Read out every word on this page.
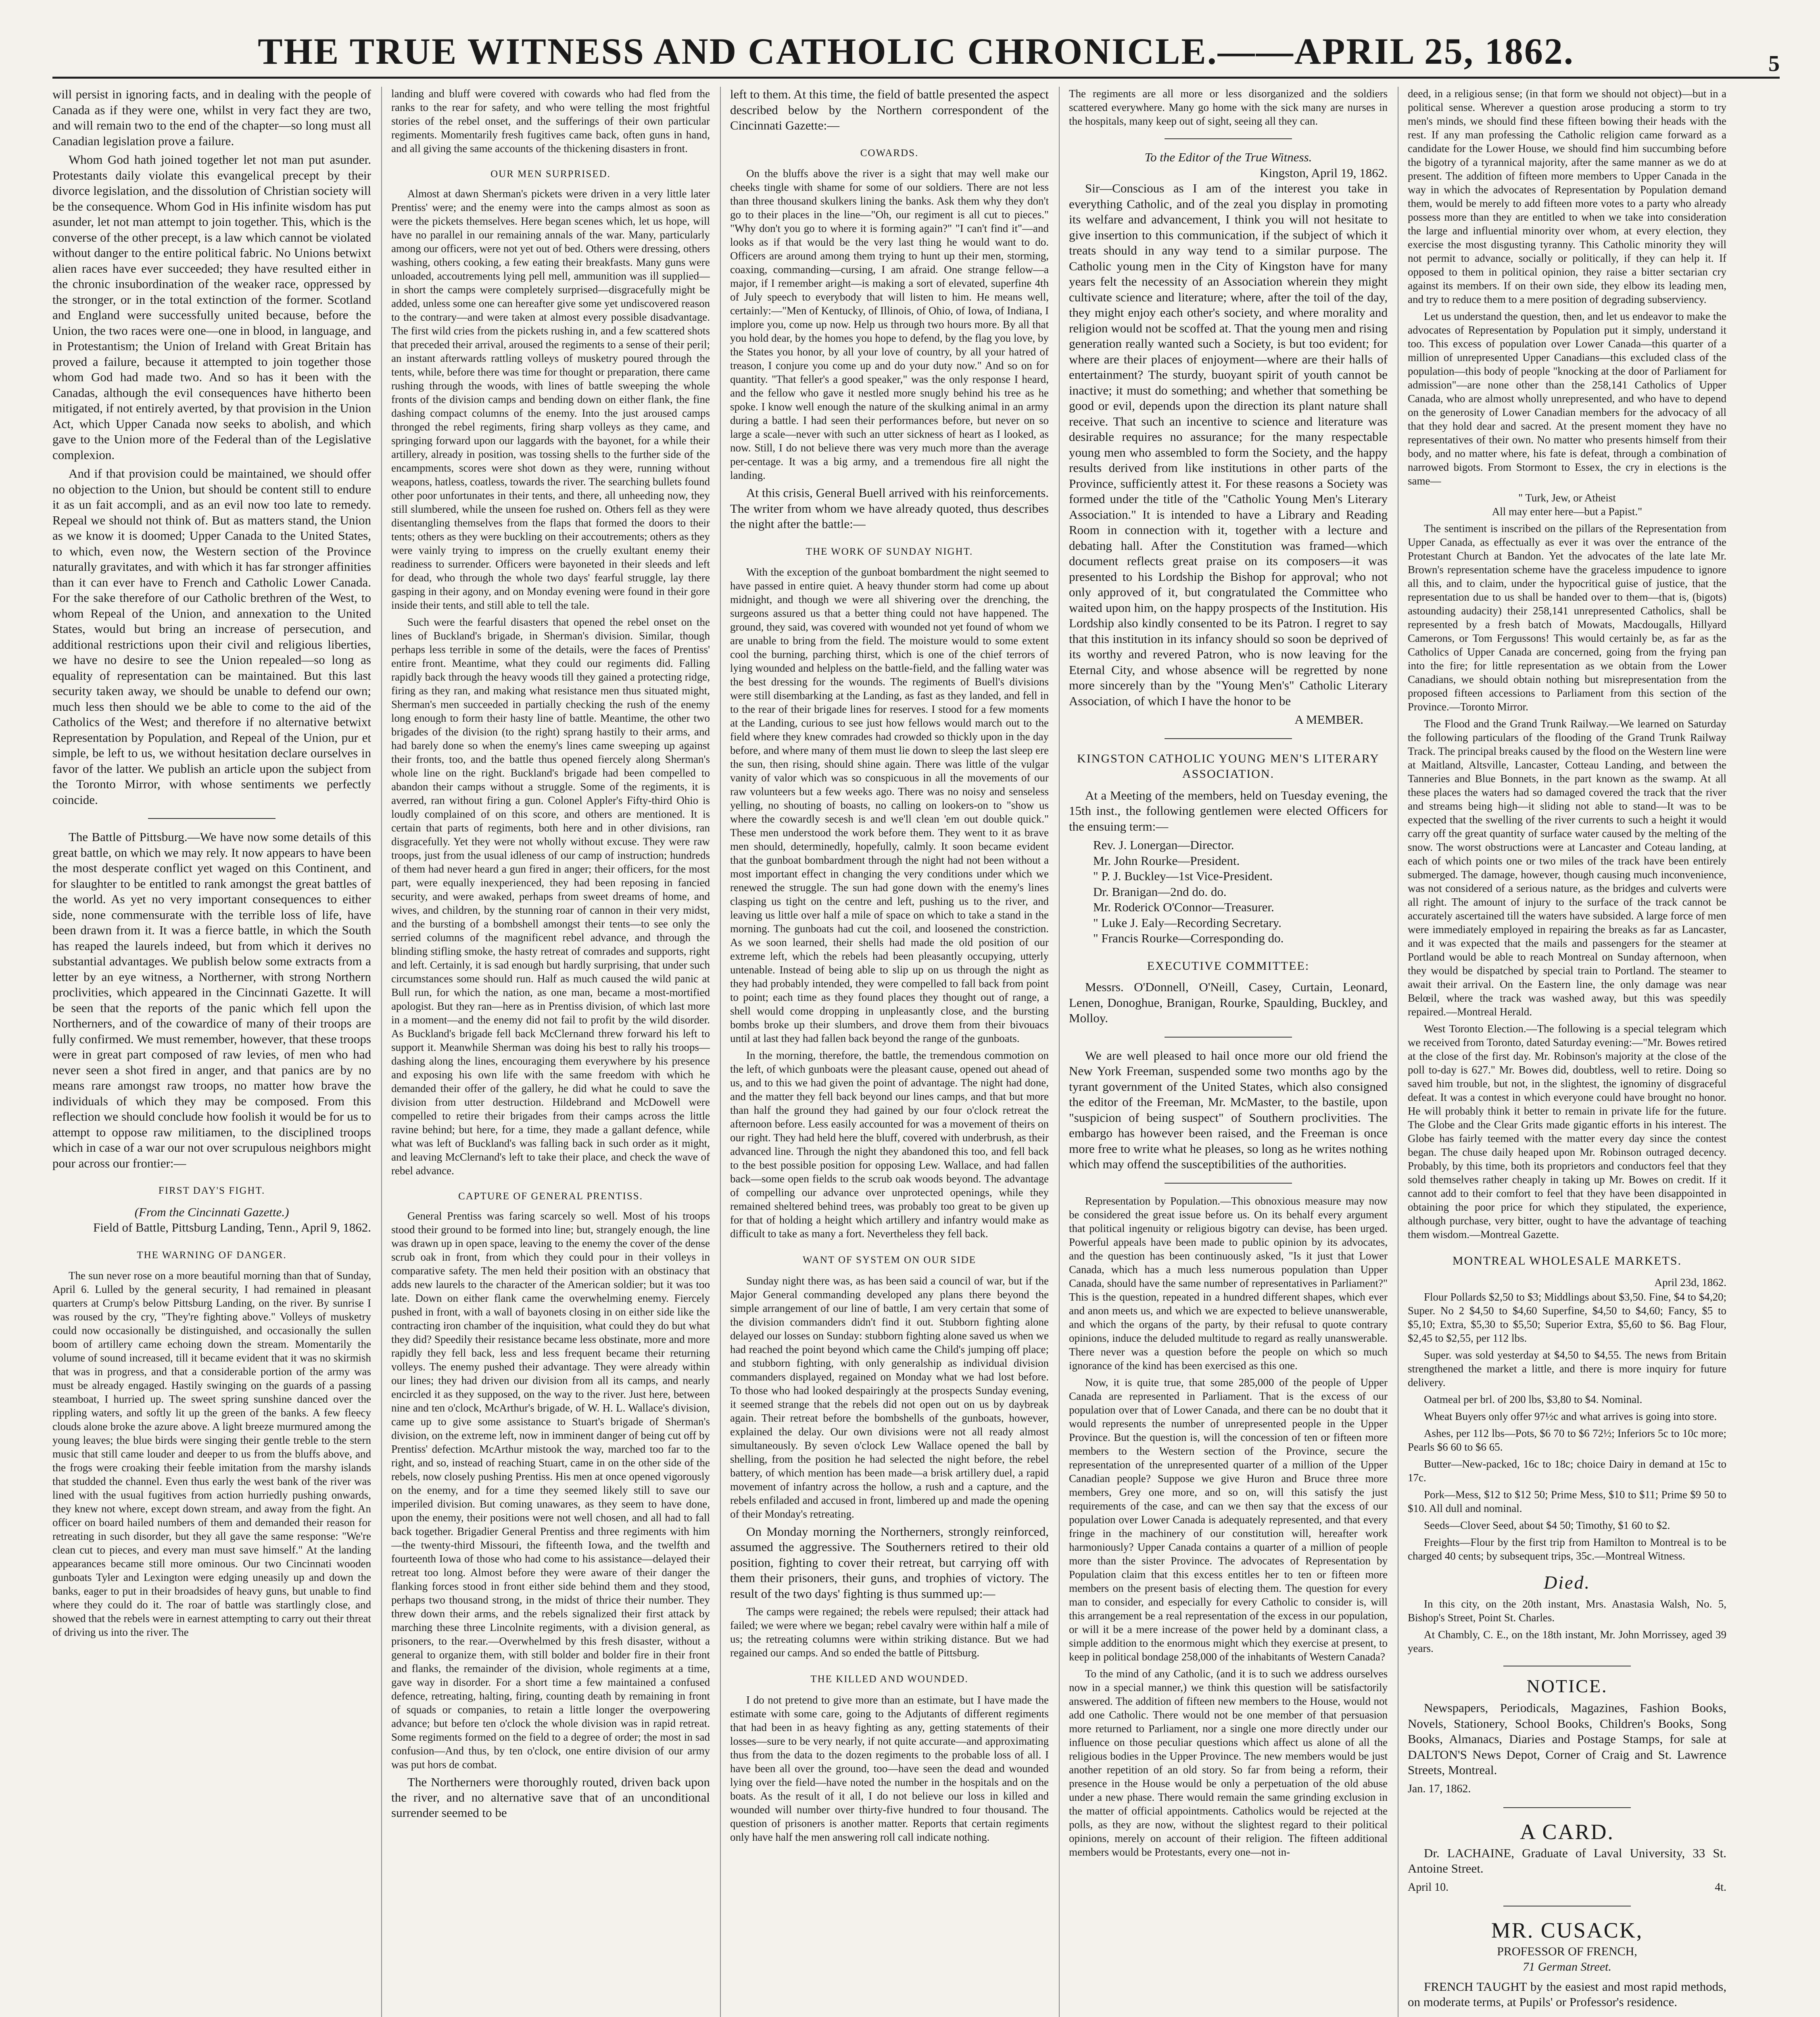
THE TRUE WITNESS AND CATHOLIC CHRONICLE.——APRIL 25, 1862.	5

will persist in ignoring facts, and in dealing with the people of Canada as if they were one, whilst in very fact they are two, and will remain two to the end of the chapter—so long must all Canadian legislation prove a failure.

Whom God hath joined together let not man put asunder. Protestants daily violate this evangelical precept by their divorce legislation, and the dissolution of Christian society will be the consequence. Whom God in His infinite wisdom has put asunder, let not man attempt to join together. This, which is the converse of the other precept, is a law which cannot be violated without danger to the entire political fabric. No Unions betwixt alien races have ever succeeded; they have resulted either in the chronic insubordination of the weaker race, oppressed by the stronger, or in the total extinction of the former. Scotland and England were successfully united because, before the Union, the two races were one—one in blood, in language, and in Protestantism; the Union of Ireland with Great Britain has proved a failure, because it attempted to join together those whom God had made two. And so has it been with the Canadas, although the evil consequences have hitherto been mitigated, if not entirely averted, by that provision in the Union Act, which Upper Canada now seeks to abolish, and which gave to the Union more of the Federal than of the Legislative complexion.

And if that provision could be maintained, we should offer no objection to the Union, but should be content still to endure it as un fait accompli, and as an evil now too late to remedy. Repeal we should not think of. But as matters stand, the Union as we know it is doomed; Upper Canada to the United States, to which, even now, the Western section of the Province naturally gravitates, and with which it has far stronger affinities than it can ever have to French and Catholic Lower Canada. For the sake therefore of our Catholic brethren of the West, to whom Repeal of the Union, and annexation to the United States, would but bring an increase of persecution, and additional restrictions upon their civil and religious liberties, we have no desire to see the Union repealed—so long as equality of representation can be maintained. But this last security taken away, we should be unable to defend our own; much less then should we be able to come to the aid of the Catholics of the West; and therefore if no alternative betwixt Representation by Population, and Repeal of the Union, pur et simple, be left to us, we without hesitation declare ourselves in favor of the latter. We publish an article upon the subject from the Toronto Mirror, with whose sentiments we perfectly coincide.

The Battle of Pittsburg.—We have now some details of this great battle, on which we may rely. It now appears to have been the most desperate conflict yet waged on this Continent, and for slaughter to be entitled to rank amongst the great battles of the world. As yet no very important consequences to either side, none commensurate with the terrible loss of life, have been drawn from it. It was a fierce battle, in which the South has reaped the laurels indeed, but from which it derives no substantial advantages. We publish below some extracts from a letter by an eye witness, a Northerner, with strong Northern proclivities, which appeared in the Cincinnati Gazette. It will be seen that the reports of the panic which fell upon the Northerners, and of the cowardice of many of their troops are fully confirmed. We must remember, however, that these troops were in great part composed of raw levies, of men who had never seen a shot fired in anger, and that panics are by no means rare amongst raw troops, no matter how brave the individuals of which they may be composed. From this reflection we should conclude how foolish it would be for us to attempt to oppose raw militiamen, to the disciplined troops which in case of a war our not over scrupulous neighbors might pour across our frontier:—

FIRST DAY'S FIGHT.
(From the Cincinnati Gazette.)
Field of Battle, Pittsburg Landing, Tenn., April 9, 1862.
THE WARNING OF DANGER.

The sun never rose on a more beautiful morning than that of Sunday, April 6. Lulled by the general security, I had remained in pleasant quarters at Crump's below Pittsburg Landing, on the river. By sunrise I was roused by the cry, "They're fighting above." Volleys of musketry could now occasionally be distinguished, and occasionally the sullen boom of artillery came echoing down the stream. Momentarily the volume of sound increased, till it became evident that it was no skirmish that was in progress, and that a considerable portion of the army was must be already engaged. Hastily swinging on the guards of a passing steamboat, I hurried up. The sweet spring sunshine danced over the rippling waters, and softly lit up the green of the banks. A few fleecy clouds alone broke the azure above. A light breeze murmured among the young leaves; the blue birds were singing their gentle treble to the stern music that still came louder and deeper to us from the bluffs above, and the frogs were croaking their feeble imitation from the marshy islands that studded the channel. Even thus early the west bank of the river was lined with the usual fugitives from action hurriedly pushing onwards, they knew not where, except down stream, and away from the fight. An officer on board hailed numbers of them and demanded their reason for retreating in such disorder, but they all gave the same response: "We're clean cut to pieces, and every man must save himself." At the landing appearances became still more ominous. Our two Cincinnati wooden gunboats Tyler and Lexington were edging uneasily up and down the banks, eager to put in their broadsides of heavy guns, but unable to find where they could do it. The roar of battle was startlingly close, and showed that the rebels were in earnest attempting to carry out their threat of driving us into the river. The

landing and bluff were covered with cowards who had fled from the ranks to the rear for safety, and who were telling the most frightful stories of the rebel onset, and the sufferings of their own particular regiments. Momentarily fresh fugitives came back, often guns in hand, and all giving the same accounts of the thickening disasters in front.

OUR MEN SURPRISED.

Almost at dawn Sherman's pickets were driven in a very little later Prentiss' were; and the enemy were into the camps almost as soon as were the pickets themselves. Here began scenes which, let us hope, will have no parallel in our remaining annals of the war. Many, particularly among our officers, were not yet out of bed. Others were dressing, others washing, others cooking, a few eating their breakfasts. Many guns were unloaded, accoutrements lying pell mell, ammunition was ill supplied—in short the camps were completely surprised—disgracefully might be added, unless some one can hereafter give some yet undiscovered reason to the contrary—and were taken at almost every possible disadvantage. The first wild cries from the pickets rushing in, and a few scattered shots that preceded their arrival, aroused the regiments to a sense of their peril; an instant afterwards rattling volleys of musketry poured through the tents, while, before there was time for thought or preparation, there came rushing through the woods, with lines of battle sweeping the whole fronts of the division camps and bending down on either flank, the fine dashing compact columns of the enemy. Into the just aroused camps thronged the rebel regiments, firing sharp volleys as they came, and springing forward upon our laggards with the bayonet, for a while their artillery, already in position, was tossing shells to the further side of the encampments, scores were shot down as they were, running without weapons, hatless, coatless, towards the river. The searching bullets found other poor unfortunates in their tents, and there, all unheeding now, they still slumbered, while the unseen foe rushed on. Others fell as they were disentangling themselves from the flaps that formed the doors to their tents; others as they were buckling on their accoutrements; others as they were vainly trying to impress on the cruelly exultant enemy their readiness to surrender. Officers were bayoneted in their sleeds and left for dead, who through the whole two days' fearful struggle, lay there gasping in their agony, and on Monday evening were found in their gore inside their tents, and still able to tell the tale.

Such were the fearful disasters that opened the rebel onset on the lines of Buckland's brigade, in Sherman's division. Similar, though perhaps less terrible in some of the details, were the faces of Prentiss' entire front. Meantime, what they could our regiments did. Falling rapidly back through the heavy woods till they gained a protecting ridge, firing as they ran, and making what resistance men thus situated might, Sherman's men succeeded in partially checking the rush of the enemy long enough to form their hasty line of battle. Meantime, the other two brigades of the division (to the right) sprang hastily to their arms, and had barely done so when the enemy's lines came sweeping up against their fronts, too, and the battle thus opened fiercely along Sherman's whole line on the right. Buckland's brigade had been compelled to abandon their camps without a struggle. Some of the regiments, it is averred, ran without firing a gun. Colonel Appler's Fifty-third Ohio is loudly complained of on this score, and others are mentioned. It is certain that parts of regiments, both here and in other divisions, ran disgracefully. Yet they were not wholly without excuse. They were raw troops, just from the usual idleness of our camp of instruction; hundreds of them had never heard a gun fired in anger; their officers, for the most part, were equally inexperienced, they had been reposing in fancied security, and were awaked, perhaps from sweet dreams of home, and wives, and children, by the stunning roar of cannon in their very midst, and the bursting of a bombshell amongst their tents—to see only the serried columns of the magnificent rebel advance, and through the blinding stifling smoke, the hasty retreat of comrades and supports, right and left. Certainly, it is sad enough but hardly surprising, that under such circumstances some should run. Half as much caused the wild panic at Bull run, for which the nation, as one man, became a most-mortified apologist. But they ran—here as in Prentiss division, of which last more in a moment—and the enemy did not fail to profit by the wild disorder. As Buckland's brigade fell back McClernand threw forward his left to support it. Meanwhile Sherman was doing his best to rally his troops—dashing along the lines, encouraging them everywhere by his presence and exposing his own life with the same freedom with which he demanded their offer of the gallery, he did what he could to save the division from utter destruction. Hildebrand and McDowell were compelled to retire their brigades from their camps across the little ravine behind; but here, for a time, they made a gallant defence, while what was left of Buckland's was falling back in such order as it might, and leaving McClernand's left to take their place, and check the wave of rebel advance.

CAPTURE OF GENERAL PRENTISS.

General Prentiss was faring scarcely so well. Most of his troops stood their ground to be formed into line; but, strangely enough, the line was drawn up in open space, leaving to the enemy the cover of the dense scrub oak in front, from which they could pour in their volleys in comparative safety. The men held their position with an obstinacy that adds new laurels to the character of the American soldier; but it was too late. Down on either flank came the overwhelming enemy. Fiercely pushed in front, with a wall of bayonets closing in on either side like the contracting iron chamber of the inquisition, what could they do but what they did? Speedily their resistance became less obstinate, more and more rapidly they fell back, less and less frequent became their returning volleys. The enemy pushed their advantage. They were already within our lines; they had driven our division from all its camps, and nearly encircled it as they supposed, on the way to the river. Just here, between nine and ten o'clock, McArthur's brigade, of W. H. L. Wallace's division, came up to give some assistance to Stuart's brigade of Sherman's division, on the extreme left, now in imminent danger of being cut off by Prentiss' defection. McArthur mistook the way, marched too far to the right, and so, instead of reaching Stuart, came in on the other side of the rebels, now closely pushing Prentiss. His men at once opened vigorously on the enemy, and for a time they seemed likely still to save our imperiled division. But coming unawares, as they seem to have done, upon the enemy, their positions were not well chosen, and all had to fall back together. Brigadier General Prentiss and three regiments with him—the twenty-third Missouri, the fifteenth Iowa, and the twelfth and fourteenth Iowa of those who had come to his assistance—delayed their retreat too long. Almost before they were aware of their danger the flanking forces stood in front either side behind them and they stood, perhaps two thousand strong, in the midst of thrice their number. They threw down their arms, and the rebels signalized their first attack by marching these three Lincolnite regiments, with a division general, as prisoners, to the rear.—Overwhelmed by this fresh disaster, without a general to organize them, with still bolder and bolder fire in their front and flanks, the remainder of the division, whole regiments at a time, gave way in disorder. For a short time a few maintained a confused defence, retreating, halting, firing, counting death by remaining in front of squads or companies, to retain a little longer the overpowering advance; but before ten o'clock the whole division was in rapid retreat. Some regiments formed on the field to a degree of order; the most in sad confusion—And thus, by ten o'clock, one entire division of our army was put hors de combat.

The Northerners were thoroughly routed, driven back upon the river, and no alternative save that of an unconditional surrender seemed to be

left to them. At this time, the field of battle presented the aspect described below by the Northern correspondent of the Cincinnati Gazette:—

COWARDS.

On the bluffs above the river is a sight that may well make our cheeks tingle with shame for some of our soldiers. There are not less than three thousand skulkers lining the banks. Ask them why they don't go to their places in the line—"Oh, our regiment is all cut to pieces." "Why don't you go to where it is forming again?" "I can't find it"—and looks as if that would be the very last thing he would want to do. Officers are around among them trying to hunt up their men, storming, coaxing, commanding—cursing, I am afraid. One strange fellow—a major, if I remember aright—is making a sort of elevated, superfine 4th of July speech to everybody that will listen to him. He means well, certainly:—"Men of Kentucky, of Illinois, of Ohio, of Iowa, of Indiana, I implore you, come up now. Help us through two hours more. By all that you hold dear, by the homes you hope to defend, by the flag you love, by the States you honor, by all your love of country, by all your hatred of treason, I conjure you come up and do your duty now." And so on for quantity. "That feller's a good speaker," was the only response I heard, and the fellow who gave it nestled more snugly behind his tree as he spoke. I know well enough the nature of the skulking animal in an army during a battle. I had seen their performances before, but never on so large a scale—never with such an utter sickness of heart as I looked, as now. Still, I do not believe there was very much more than the average per-centage. It was a big army, and a tremendous fire all night the landing.

At this crisis, General Buell arrived with his reinforcements. The writer from whom we have already quoted, thus describes the night after the battle:—

THE WORK OF SUNDAY NIGHT.

With the exception of the gunboat bombardment the night seemed to have passed in entire quiet. A heavy thunder storm had come up about midnight, and though we were all shivering over the drenching, the surgeons assured us that a better thing could not have happened. The ground, they said, was covered with wounded not yet found of whom we are unable to bring from the field. The moisture would to some extent cool the burning, parching thirst, which is one of the chief terrors of lying wounded and helpless on the battle-field, and the falling water was the best dressing for the wounds. The regiments of Buell's divisions were still disembarking at the Landing, as fast as they landed, and fell in to the rear of their brigade lines for reserves. I stood for a few moments at the Landing, curious to see just how fellows would march out to the field where they knew comrades had crowded so thickly upon in the day before, and where many of them must lie down to sleep the last sleep ere the sun, then rising, should shine again. There was little of the vulgar vanity of valor which was so conspicuous in all the movements of our raw volunteers but a few weeks ago. There was no noisy and senseless yelling, no shouting of boasts, no calling on lookers-on to "show us where the cowardly secesh is and we'll clean 'em out double quick." These men understood the work before them. They went to it as brave men should, determinedly, hopefully, calmly. It soon became evident that the gunboat bombardment through the night had not been without a most important effect in changing the very conditions under which we renewed the struggle. The sun had gone down with the enemy's lines clasping us tight on the centre and left, pushing us to the river, and leaving us little over half a mile of space on which to take a stand in the morning. The gunboats had cut the coil, and loosened the constriction. As we soon learned, their shells had made the old position of our extreme left, which the rebels had been pleasantly occupying, utterly untenable. Instead of being able to slip up on us through the night as they had probably intended, they were compelled to fall back from point to point; each time as they found places they thought out of range, a shell would come dropping in unpleasantly close, and the bursting bombs broke up their slumbers, and drove them from their bivouacs until at last they had fallen back beyond the range of the gunboats.

In the morning, therefore, the battle, the tremendous commotion on the left, of which gunboats were the pleasant cause, opened out ahead of us, and to this we had given the point of advantage. The night had done, and the matter they fell back beyond our lines camps, and that but more than half the ground they had gained by our four o'clock retreat the afternoon before. Less easily accounted for was a movement of theirs on our right. They had held here the bluff, covered with underbrush, as their advanced line. Through the night they abandoned this too, and fell back to the best possible position for opposing Lew. Wallace, and had fallen back—some open fields to the scrub oak woods beyond. The advantage of compelling our advance over unprotected openings, while they remained sheltered behind trees, was probably too great to be given up for that of holding a height which artillery and infantry would make as difficult to take as many a fort. Nevertheless they fell back.

WANT OF SYSTEM ON OUR SIDE

Sunday night there was, as has been said a council of war, but if the Major General commanding developed any plans there beyond the simple arrangement of our line of battle, I am very certain that some of the division commanders didn't find it out. Stubborn fighting alone delayed our losses on Sunday: stubborn fighting alone saved us when we had reached the point beyond which came the Child's jumping off place; and stubborn fighting, with only generalship as individual division commanders displayed, regained on Monday what we had lost before. To those who had looked despairingly at the prospects Sunday evening, it seemed strange that the rebels did not open out on us by daybreak again. Their retreat before the bombshells of the gunboats, however, explained the delay. Our own divisions were not all ready almost simultaneously. By seven o'clock Lew Wallace opened the ball by shelling, from the position he had selected the night before, the rebel battery, of which mention has been made—a brisk artillery duel, a rapid movement of infantry across the hollow, a rush and a capture, and the rebels enfiladed and accused in front, limbered up and made the opening of their Monday's retreating.

On Monday morning the Northerners, strongly reinforced, assumed the aggressive. The Southerners retired to their old position, fighting to cover their retreat, but carrying off with them their prisoners, their guns, and trophies of victory. The result of the two days' fighting is thus summed up:—

The camps were regained; the rebels were repulsed; their attack had failed; we were where we began; rebel cavalry were within half a mile of us; the retreating columns were within striking distance. But we had regained our camps. And so ended the battle of Pittsburg.

THE KILLED AND WOUNDED.

I do not pretend to give more than an estimate, but I have made the estimate with some care, going to the Adjutants of different regiments that had been in as heavy fighting as any, getting statements of their losses—sure to be very nearly, if not quite accurate—and approximating thus from the data to the dozen regiments to the probable loss of all. I have been all over the ground, too—have seen the dead and wounded lying over the field—have noted the number in the hospitals and on the boats. As the result of it all, I do not believe our loss in killed and wounded will number over thirty-five hundred to four thousand. The question of prisoners is another matter. Reports that certain regiments only have half the men answering roll call indicate nothing.

The regiments are all more or less disorganized and the soldiers scattered everywhere. Many go home with the sick many are nurses in the hospitals, many keep out of sight, seeing all they can.

To the Editor of the True Witness.
Kingston, April 19, 1862.

Sir—Conscious as I am of the interest you take in everything Catholic, and of the zeal you display in promoting its welfare and advancement, I think you will not hesitate to give insertion to this communication, if the subject of which it treats should in any way tend to a similar purpose. The Catholic young men in the City of Kingston have for many years felt the necessity of an Association wherein they might cultivate science and literature; where, after the toil of the day, they might enjoy each other's society, and where morality and religion would not be scoffed at. That the young men and rising generation really wanted such a Society, is but too evident; for where are their places of enjoyment—where are their halls of entertainment? The sturdy, buoyant spirit of youth cannot be inactive; it must do something; and whether that something be good or evil, depends upon the direction its plant nature shall receive. That such an incentive to science and literature was desirable requires no assurance; for the many respectable young men who assembled to form the Society, and the happy results derived from like institutions in other parts of the Province, sufficiently attest it. For these reasons a Society was formed under the title of the "Catholic Young Men's Literary Association." It is intended to have a Library and Reading Room in connection with it, together with a lecture and debating hall. After the Constitution was framed—which document reflects great praise on its composers—it was presented to his Lordship the Bishop for approval; who not only approved of it, but congratulated the Committee who waited upon him, on the happy prospects of the Institution. His Lordship also kindly consented to be its Patron. I regret to say that this institution in its infancy should so soon be deprived of its worthy and revered Patron, who is now leaving for the Eternal City, and whose absence will be regretted by none more sincerely than by the "Young Men's" Catholic Literary Association, of which I have the honor to be

A MEMBER.
KINGSTON CATHOLIC YOUNG MEN'S LITERARY ASSOCIATION.

At a Meeting of the members, held on Tuesday evening, the 15th inst., the following gentlemen were elected Officers for the ensuing term:—

Rev. J. Lonergan—Director.

Mr. John Rourke—President.

" P. J. Buckley—1st Vice-President.

Dr. Branigan—2nd do. do.

Mr. Roderick O'Connor—Treasurer.

" Luke J. Ealy—Recording Secretary.

" Francis Rourke—Corresponding do.

EXECUTIVE COMMITTEE:

Messrs. O'Donnell, O'Neill, Casey, Curtain, Leonard, Lenen, Donoghue, Branigan, Rourke, Spaulding, Buckley, and Molloy.

We are well pleased to hail once more our old friend the New York Freeman, suspended some two months ago by the tyrant government of the United States, which also consigned the editor of the Freeman, Mr. McMaster, to the bastile, upon "suspicion of being suspect" of Southern proclivities. The embargo has however been raised, and the Freeman is once more free to write what he pleases, so long as he writes nothing which may offend the susceptibilities of the authorities.

Representation by Population.—This obnoxious measure may now be considered the great issue before us. On its behalf every argument that political ingenuity or religious bigotry can devise, has been urged. Powerful appeals have been made to public opinion by its advocates, and the question has been continuously asked, "Is it just that Lower Canada, which has a much less numerous population than Upper Canada, should have the same number of representatives in Parliament?" This is the question, repeated in a hundred different shapes, which ever and anon meets us, and which we are expected to believe unanswerable, and which the organs of the party, by their refusal to quote contrary opinions, induce the deluded multitude to regard as really unanswerable. There never was a question before the people on which so much ignorance of the kind has been exercised as this one.

Now, it is quite true, that some 285,000 of the people of Upper Canada are represented in Parliament. That is the excess of our population over that of Lower Canada, and there can be no doubt that it would represents the number of unrepresented people in the Upper Province. But the question is, will the concession of ten or fifteen more members to the Western section of the Province, secure the representation of the unrepresented quarter of a million of the Upper Canadian people? Suppose we give Huron and Bruce three more members, Grey one more, and so on, will this satisfy the just requirements of the case, and can we then say that the excess of our population over Lower Canada is adequately represented, and that every fringe in the machinery of our constitution will, hereafter work harmoniously? Upper Canada contains a quarter of a million of people more than the sister Province. The advocates of Representation by Population claim that this excess entitles her to ten or fifteen more members on the present basis of electing them. The question for every man to consider, and especially for every Catholic to consider is, will this arrangement be a real representation of the excess in our population, or will it be a mere increase of the power held by a dominant class, a simple addition to the enormous might which they exercise at present, to keep in political bondage 258,000 of the inhabitants of Western Canada?

To the mind of any Catholic, (and it is to such we address ourselves now in a special manner,) we think this question will be satisfactorily answered. The addition of fifteen new members to the House, would not add one Catholic. There would not be one member of that persuasion more returned to Parliament, nor a single one more directly under our influence on those peculiar questions which affect us alone of all the religious bodies in the Upper Province. The new members would be just another repetition of an old story. So far from being a reform, their presence in the House would be only a perpetuation of the old abuse under a new phase. There would remain the same grinding exclusion in the matter of official appointments. Catholics would be rejected at the polls, as they are now, without the slightest regard to their political opinions, merely on account of their religion. The fifteen additional members would be Protestants, every one—not in-

deed, in a religious sense; (in that form we should not object)—but in a political sense. Wherever a question arose producing a storm to try men's minds, we should find these fifteen bowing their heads with the rest. If any man professing the Catholic religion came forward as a candidate for the Lower House, we should find him succumbing before the bigotry of a tyrannical majority, after the same manner as we do at present. The addition of fifteen more members to Upper Canada in the way in which the advocates of Representation by Population demand them, would be merely to add fifteen more votes to a party who already possess more than they are entitled to when we take into consideration the large and influential minority over whom, at every election, they exercise the most disgusting tyranny. This Catholic minority they will not permit to advance, socially or politically, if they can help it. If opposed to them in political opinion, they raise a bitter sectarian cry against its members. If on their own side, they elbow its leading men, and try to reduce them to a mere position of degrading subserviency.

Let us understand the question, then, and let us endeavor to make the advocates of Representation by Population put it simply, understand it too. This excess of population over Lower Canada—this quarter of a million of unrepresented Upper Canadians—this excluded class of the population—this body of people "knocking at the door of Parliament for admission"—are none other than the 258,141 Catholics of Upper Canada, who are almost wholly unrepresented, and who have to depend on the generosity of Lower Canadian members for the advocacy of all that they hold dear and sacred. At the present moment they have no representatives of their own. No matter who presents himself from their body, and no matter where, his fate is defeat, through a combination of narrowed bigots. From Stormont to Essex, the cry in elections is the same—

" Turk, Jew, or Atheist
All may enter here—but a Papist."

The sentiment is inscribed on the pillars of the Representation from Upper Canada, as effectually as ever it was over the entrance of the Protestant Church at Bandon. Yet the advocates of the late late Mr. Brown's representation scheme have the graceless impudence to ignore all this, and to claim, under the hypocritical guise of justice, that the representation due to us shall be handed over to them—that is, (bigots) astounding audacity) their 258,141 unrepresented Catholics, shall be represented by a fresh batch of Mowats, Macdougalls, Hillyard Camerons, or Tom Fergussons! This would certainly be, as far as the Catholics of Upper Canada are concerned, going from the frying pan into the fire; for little representation as we obtain from the Lower Canadians, we should obtain nothing but misrepresentation from the proposed fifteen accessions to Parliament from this section of the Province.—Toronto Mirror.

The Flood and the Grand Trunk Railway.—We learned on Saturday the following particulars of the flooding of the Grand Trunk Railway Track. The principal breaks caused by the flood on the Western line were at Maitland, Altsville, Lancaster, Cotteau Landing, and between the Tanneries and Blue Bonnets, in the part known as the swamp. At all these places the waters had so damaged covered the track that the river and streams being high—it sliding not able to stand—It was to be expected that the swelling of the river currents to such a height it would carry off the great quantity of surface water caused by the melting of the snow. The worst obstructions were at Lancaster and Coteau landing, at each of which points one or two miles of the track have been entirely submerged. The damage, however, though causing much inconvenience, was not considered of a serious nature, as the bridges and culverts were all right. The amount of injury to the surface of the track cannot be accurately ascertained till the waters have subsided. A large force of men were immediately employed in repairing the breaks as far as Lancaster, and it was expected that the mails and passengers for the steamer at Portland would be able to reach Montreal on Sunday afternoon, when they would be dispatched by special train to Portland. The steamer to await their arrival. On the Eastern line, the only damage was near Belœil, where the track was washed away, but this was speedily repaired.—Montreal Herald.

West Toronto Election.—The following is a special telegram which we received from Toronto, dated Saturday evening:—"Mr. Bowes retired at the close of the first day. Mr. Robinson's majority at the close of the poll to-day is 627." Mr. Bowes did, doubtless, well to retire. Doing so saved him trouble, but not, in the slightest, the ignominy of disgraceful defeat. It was a contest in which everyone could have brought no honor. He will probably think it better to remain in private life for the future. The Globe and the Clear Grits made gigantic efforts in his interest. The Globe has fairly teemed with the matter every day since the contest began. The chuse daily heaped upon Mr. Robinson outraged decency. Probably, by this time, both its proprietors and conductors feel that they sold themselves rather cheaply in taking up Mr. Bowes on credit. If it cannot add to their comfort to feel that they have been disappointed in obtaining the poor price for which they stipulated, the experience, although purchase, very bitter, ought to have the advantage of teaching them wisdom.—Montreal Gazette.

MONTREAL WHOLESALE MARKETS.
April 23d, 1862.

Flour Pollards $2,50 to $3; Middlings about $3,50. Fine, $4 to $4,20; Super. No 2 $4,50 to $4,60 Superfine, $4,50 to $4,60; Fancy, $5 to $5,10; Extra, $5,30 to $5,50; Superior Extra, $5,60 to $6. Bag Flour, $2,45 to $2,55, per 112 lbs.

Super. was sold yesterday at $4,50 to $4,55. The news from Britain strengthened the market a little, and there is more inquiry for future delivery.

Oatmeal per brl. of 200 lbs, $3,80 to $4. Nominal.

Wheat Buyers only offer 97½c and what arrives is going into store.

Ashes, per 112 lbs—Pots, $6 70 to $6 72½; Inferiors 5c to 10c more; Pearls $6 60 to $6 65.

Butter—New-packed, 16c to 18c; choice Dairy in demand at 15c to 17c.

Pork—Mess, $12 to $12 50; Prime Mess, $10 to $11; Prime $9 50 to $10. All dull and nominal.

Seeds—Clover Seed, about $4 50; Timothy, $1 60 to $2.

Freights—Flour by the first trip from Hamilton to Montreal is to be charged 40 cents; by subsequent trips, 35c.—Montreal Witness.

Died.

In this city, on the 20th instant, Mrs. Anastasia Walsh, No. 5, Bishop's Street, Point St. Charles.

At Chambly, C. E., on the 18th instant, Mr. John Morrissey, aged 39 years.

NOTICE.

Newspapers, Periodicals, Magazines, Fashion Books, Novels, Stationery, School Books, Children's Books, Song Books, Almanacs, Diaries and Postage Stamps, for sale at DALTON'S News Depot, Corner of Craig and St. Lawrence Streets, Montreal.

Jan. 17, 1862.
A CARD.

Dr. LACHAINE, Graduate of Laval University, 33 St. Antoine Street.

April 10.	4t.
MR. CUSACK,
PROFESSOR OF FRENCH,
71 German Street.

FRENCH TAUGHT by the easiest and most rapid methods, on moderate terms, at Pupils' or Professor's residence.
